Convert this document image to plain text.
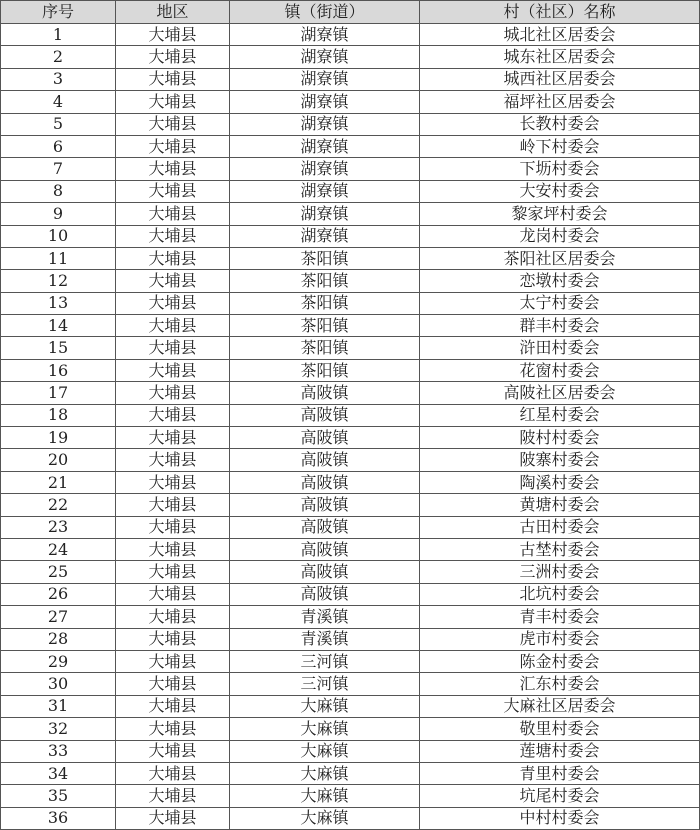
序号	地区	镇（街道）	村（社区）名称
1	大埔县	湖寮镇	城北社区居委会
2	大埔县	湖寮镇	城东社区居委会
3	大埔县	湖寮镇	城西社区居委会
4	大埔县	湖寮镇	福坪社区居委会
5	大埔县	湖寮镇	长教村委会
6	大埔县	湖寮镇	岭下村委会
7	大埔县	湖寮镇	下坜村委会
8	大埔县	湖寮镇	大安村委会
9	大埔县	湖寮镇	黎家坪村委会
10	大埔县	湖寮镇	龙岗村委会
11	大埔县	茶阳镇	茶阳社区居委会
12	大埔县	茶阳镇	恋墩村委会
13	大埔县	茶阳镇	太宁村委会
14	大埔县	茶阳镇	群丰村委会
15	大埔县	茶阳镇	浒田村委会
16	大埔县	茶阳镇	花窗村委会
17	大埔县	高陂镇	高陂社区居委会
18	大埔县	高陂镇	红星村委会
19	大埔县	高陂镇	陂村村委会
20	大埔县	高陂镇	陂寨村委会
21	大埔县	高陂镇	陶溪村委会
22	大埔县	高陂镇	黄塘村委会
23	大埔县	高陂镇	古田村委会
24	大埔县	高陂镇	古埜村委会
25	大埔县	高陂镇	三洲村委会
26	大埔县	高陂镇	北坑村委会
27	大埔县	青溪镇	青丰村委会
28	大埔县	青溪镇	虎市村委会
29	大埔县	三河镇	陈金村委会
30	大埔县	三河镇	汇东村委会
31	大埔县	大麻镇	大麻社区居委会
32	大埔县	大麻镇	敬里村委会
33	大埔县	大麻镇	莲塘村委会
34	大埔县	大麻镇	青里村委会
35	大埔县	大麻镇	坑尾村委会
36	大埔县	大麻镇	中村村委会
